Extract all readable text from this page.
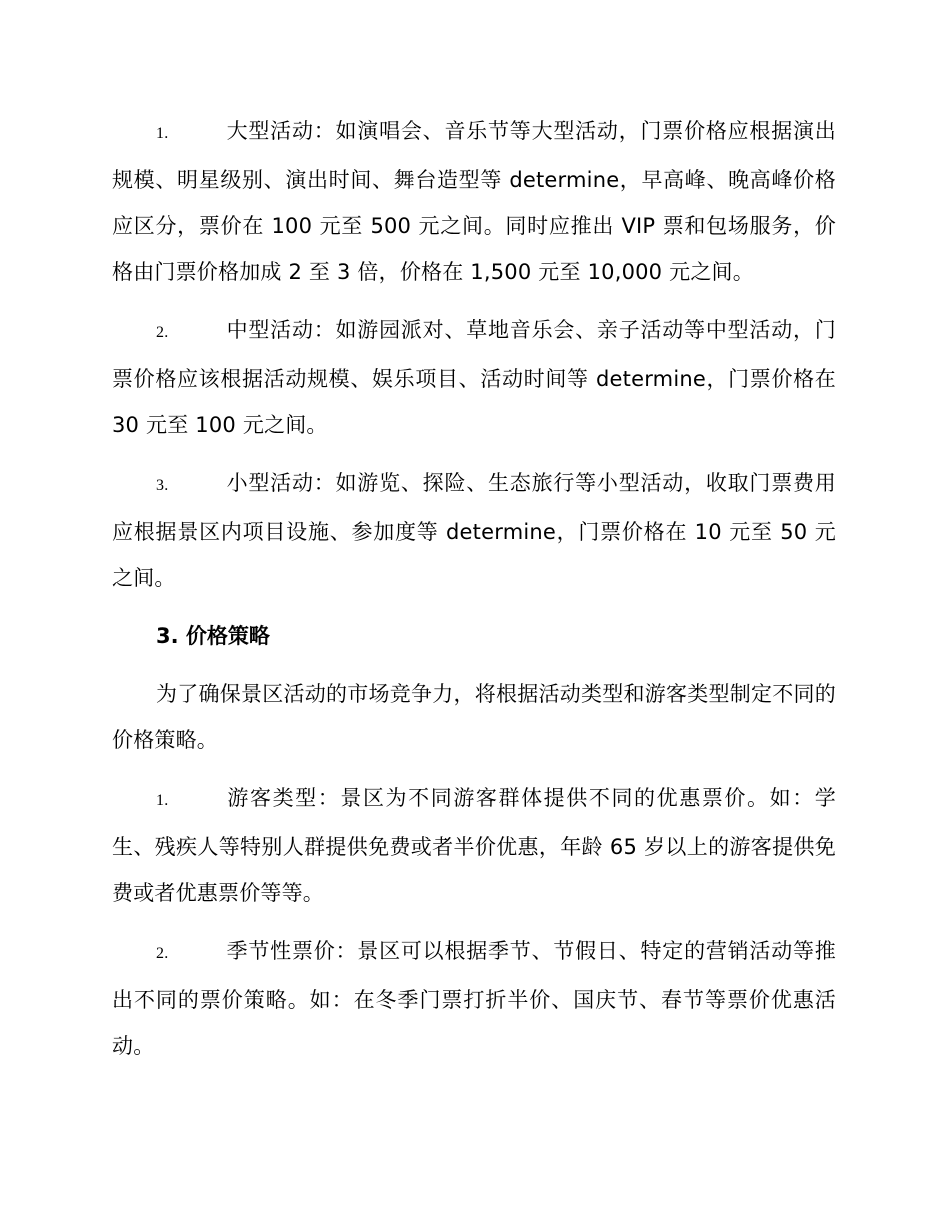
1.	大型活动：如演唱会、音乐节等大型活动，门票价格应根据演出规模、明星级别、演出时间、舞台造型等 determine，早高峰、晚高峰价格应区分，票价在 100 元至 500 元之间。同时应推出 VIP 票和包场服务，价格由门票价格加成 2 至 3 倍，价格在 1,500 元至 10,000 元之间。

2.	中型活动：如游园派对、草地音乐会、亲子活动等中型活动，门票价格应该根据活动规模、娱乐项目、活动时间等 determine，门票价格在 30 元至 100 元之间。

3.	小型活动：如游览、探险、生态旅行等小型活动，收取门票费用应根据景区内项目设施、参加度等 determine，门票价格在 10 元至 50 元之间。

3. 价格策略

为了确保景区活动的市场竞争力，将根据活动类型和游客类型制定不同的价格策略。

1.	游客类型：景区为不同游客群体提供不同的优惠票价。如：学生、残疾人等特别人群提供免费或者半价优惠，年龄 65 岁以上的游客提供免费或者优惠票价等等。

2.	季节性票价：景区可以根据季节、节假日、特定的营销活动等推出不同的票价策略。如：在冬季门票打折半价、国庆节、春节等票价优惠活动。
